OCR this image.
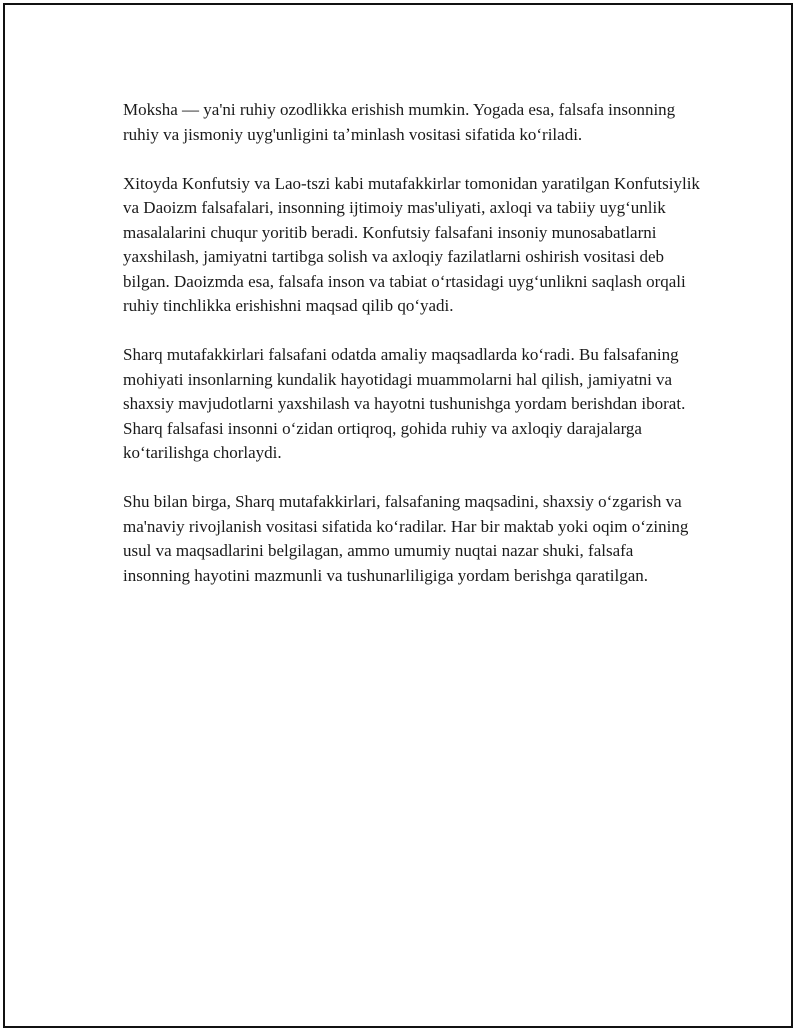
Moksha — ya'ni ruhiy ozodlikka erishish mumkin. Yogada esa, falsafa insonning ruhiy va jismoniy uyg'unligini taʼminlash vositasi sifatida koʻriladi.

Xitoyda Konfutsiy va Lao-tszi kabi mutafakkirlar tomonidan yaratilgan Konfutsiylik va Daoizm falsafalari, insonning ijtimoiy mas'uliyati, axloqi va tabiiy uygʻunlik masalalarini chuqur yoritib beradi. Konfutsiy falsafani insoniy munosabatlarni yaxshilash, jamiyatni tartibga solish va axloqiy fazilatlarni oshirish vositasi deb bilgan. Daoizmda esa, falsafa inson va tabiat oʻrtasidagi uygʻunlikni saqlash orqali ruhiy tinchlikka erishishni maqsad qilib qoʻyadi.

Sharq mutafakkirlari falsafani odatda amaliy maqsadlarda koʻradi. Bu falsafaning mohiyati insonlarning kundalik hayotidagi muammolarni hal qilish, jamiyatni va shaxsiy mavjudotlarni yaxshilash va hayotni tushunishga yordam berishdan iborat. Sharq falsafasi insonni oʻzidan ortiqroq, gohida ruhiy va axloqiy darajalarga koʻtarilishga chorlaydi.

Shu bilan birga, Sharq mutafakkirlari, falsafaning maqsadini, shaxsiy oʻzgarish va ma'naviy rivojlanish vositasi sifatida koʻradilar. Har bir maktab yoki oqim oʻzining usul va maqsadlarini belgilagan, ammo umumiy nuqtai nazar shuki, falsafa insonning hayotini mazmunli va tushunarliligiga yordam berishga qaratilgan.
